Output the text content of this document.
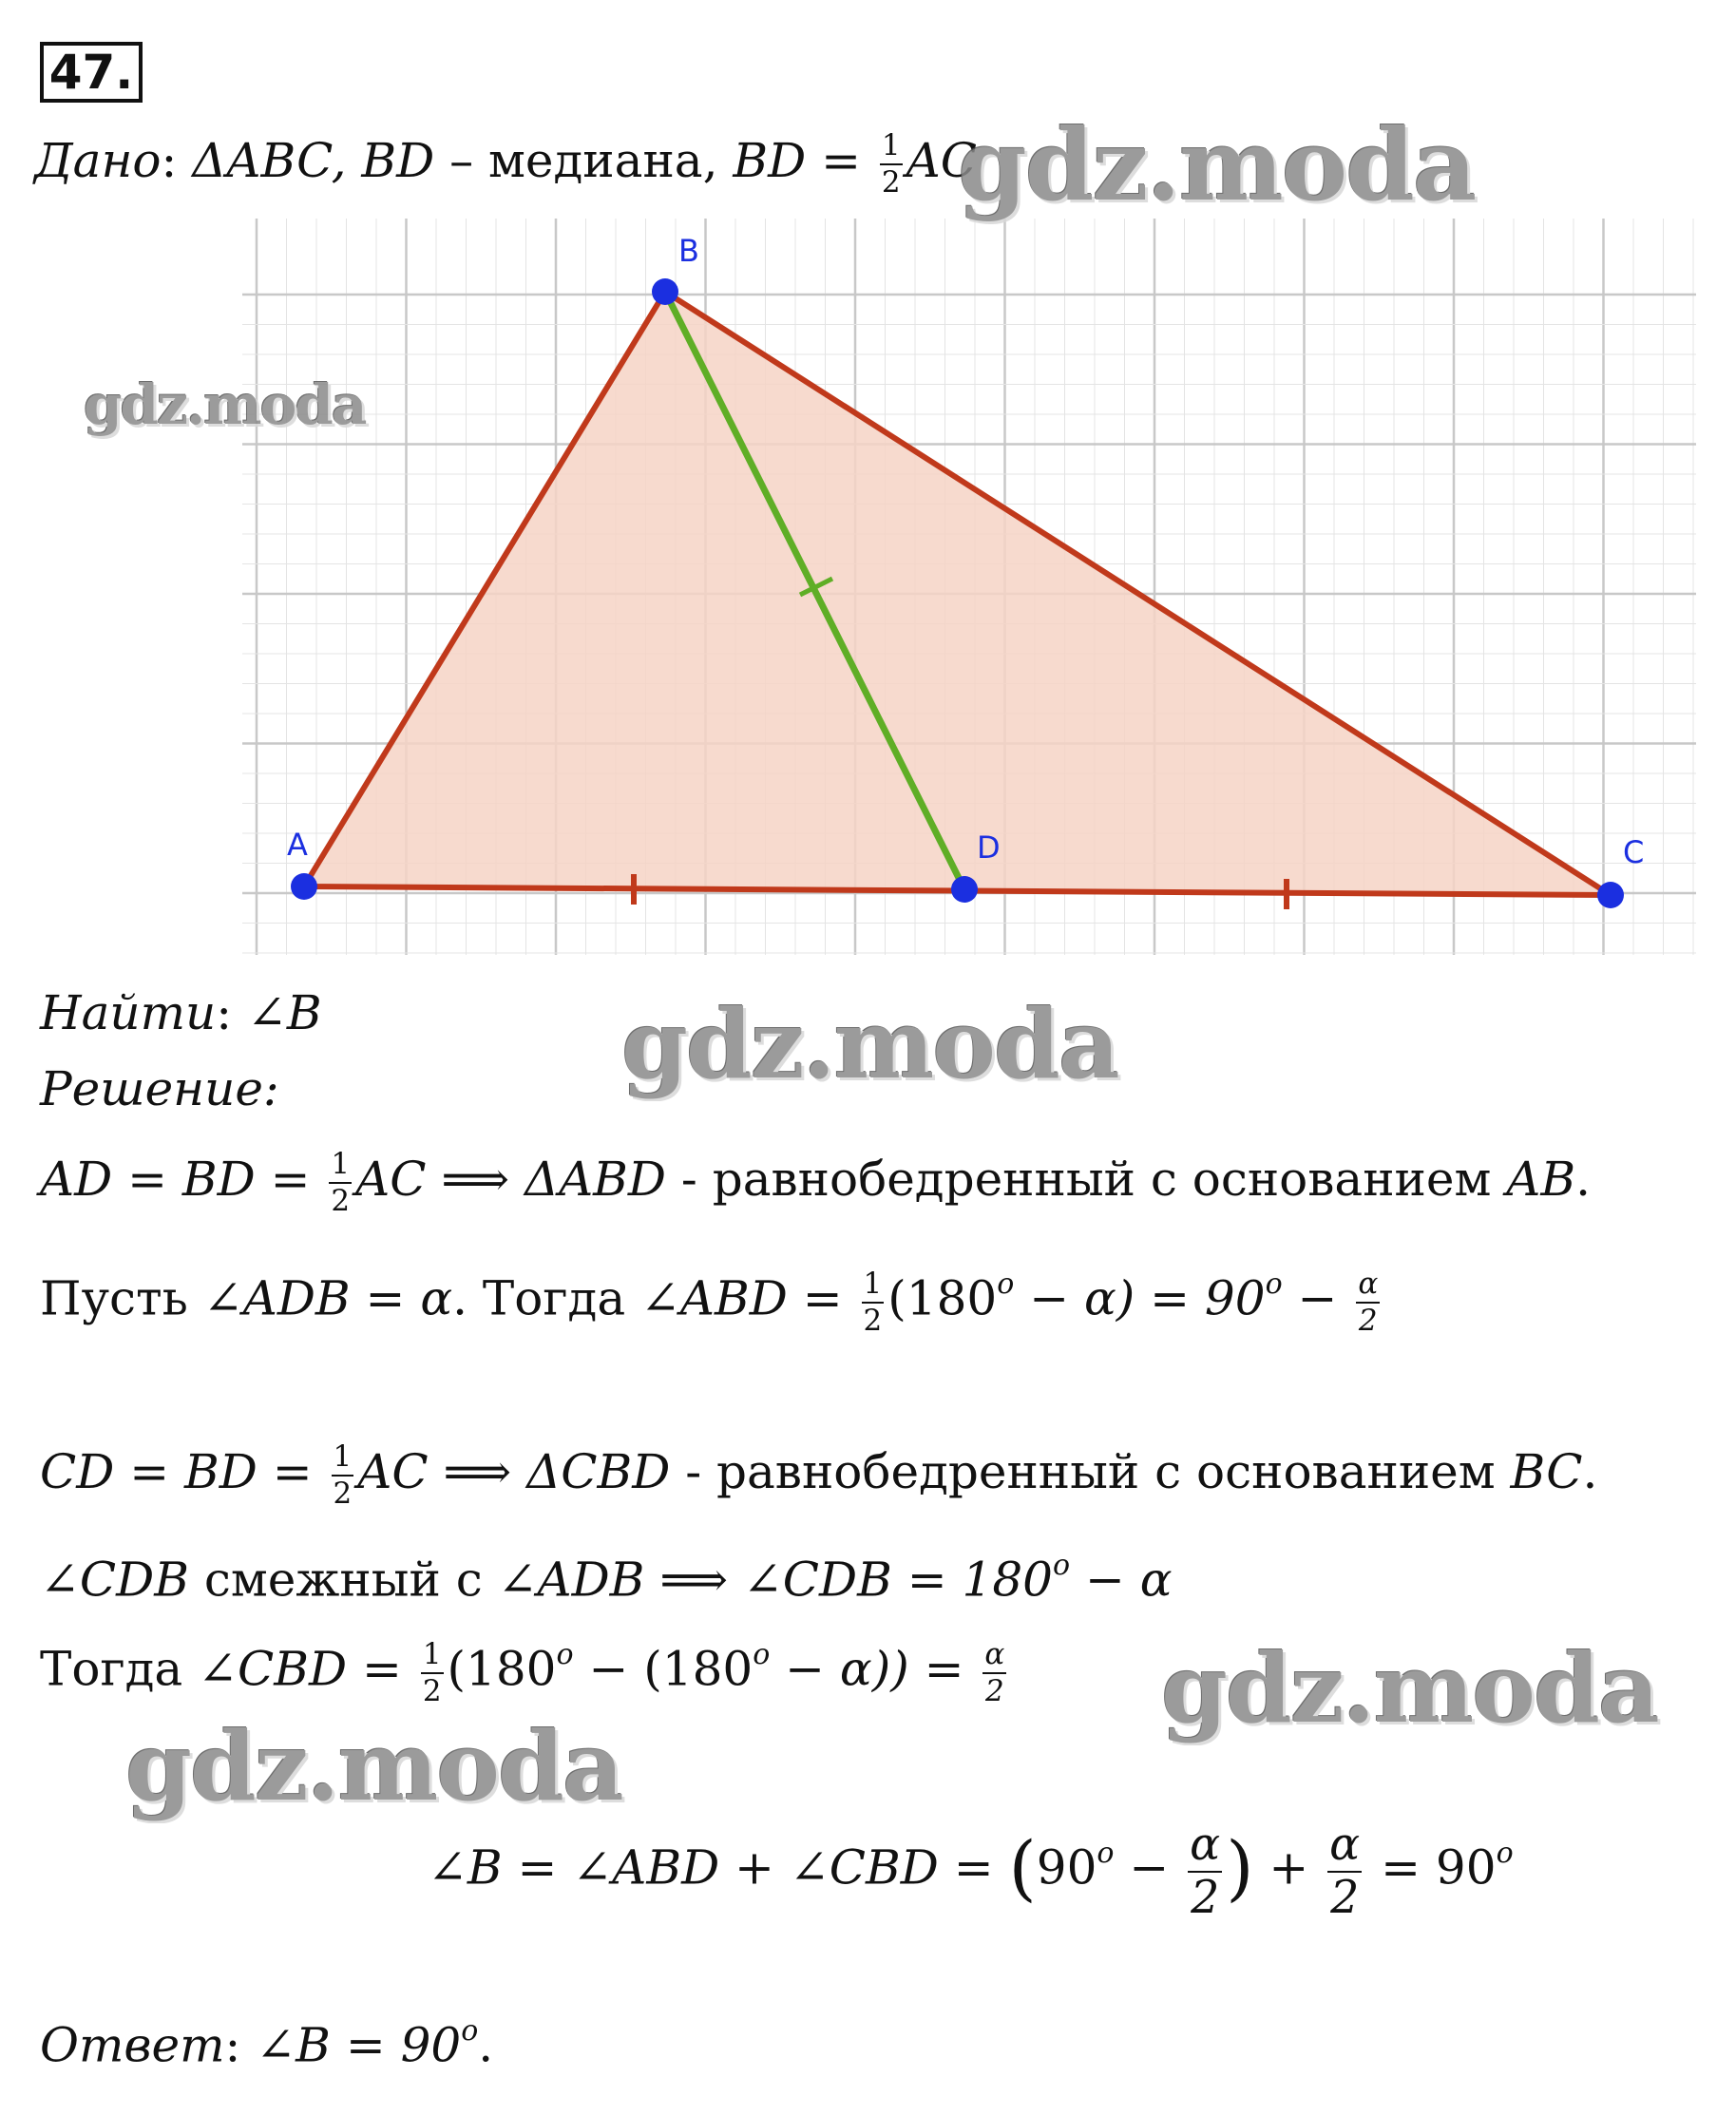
47.
Дано: ΔABC, BD – медиана, BD = $\frac{1}{2}$ AC
A
B
C
D
Найти: ∠B
Решение:
AD = BD = $\frac{1}{2}$ AC ⟹ ΔABD - равнобедренный с основанием AB.
Пусть ∠ADB = α. Тогда ∠ABD = $\frac{1}{2} (180^o - \alpha) = 90^o - \frac{\alpha}{2}$
CD = BD = $\frac{1}{2}$ AC ⟹ ΔCBD - равнобедренный с основанием BC.
∠CDB смежный с ∠ADB ⟹ ∠CDB = $180^o - \alpha$
Тогда ∠CBD = $\frac{1}{2} (180^o - (180^o - \alpha)) = \frac{\alpha}{2}$
∠B = ∠ABD + ∠CBD = ($90^o - \frac{\alpha}{2}$ ) + $\frac{\alpha}{2} = 90^o$
Ответ: ∠B = $90^o$.
gdz.moda
gdz.moda
gdz.moda
gdz.moda
gdz.moda
